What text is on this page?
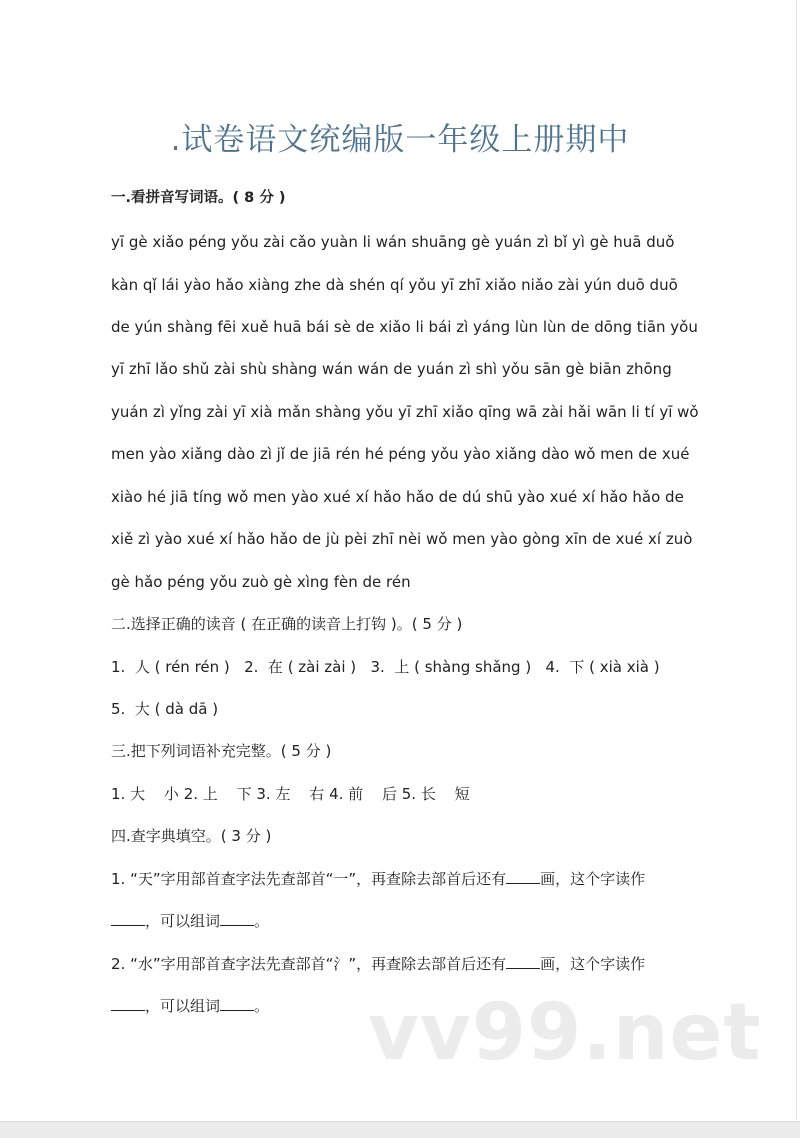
.试卷语文统编版一年级上册期中
一.看拼音写词语。( 8 分 )
yī gè xiǎo péng yǒu zài cǎo yuàn li wán shuāng gè yuán zì bǐ yì gè huā duǒ
kàn qǐ lái yào hǎo xiàng zhe dà shén qí yǒu yī zhī xiǎo niǎo zài yún duō duō
de yún shàng fēi xuě huā bái sè de xiǎo li bái zì yáng lùn lùn de dōng tiān yǒu
yī zhī lǎo shǔ zài shù shàng wán wán de yuán zì shì yǒu sān gè biān zhōng
yuán zì yǐng zài yī xià mǎn shàng yǒu yī zhī xiǎo qīng wā zài hǎi wān li tí yī wǒ
men yào xiǎng dào zì jǐ de jiā rén hé péng yǒu yào xiǎng dào wǒ men de xué
xiào hé jiā tíng wǒ men yào xué xí hǎo hǎo de dú shū yào xué xí hǎo hǎo de
xiě zì yào xué xí hǎo hǎo de jù pèi zhī nèi wǒ men yào gòng xīn de xué xí zuò
gè hǎo péng yǒu zuò gè xìng fèn de rén
二.选择正确的读音 ( 在正确的读音上打钩 )。( 5 分 )
1.  人 ( rén rén )   2.  在 ( zài zài )   3.  上 ( shàng shǎng )   4.  下 ( xià xià )
5.  大 ( dà dā )
三.把下列词语补充完整。( 5 分 )
1. 大 小 2. 上 下 3. 左 右 4. 前 后 5. 长 短
四.查字典填空。( 3 分 )
1. “天”字用部首查字法先查部首“一”，再查除去部首后还有 画，这个字读作
，可以组词 。
2. “水”字用部首查字法先查部首“氵”，再查除去部首后还有 画，这个字读作
，可以组词 。 vv99.net
